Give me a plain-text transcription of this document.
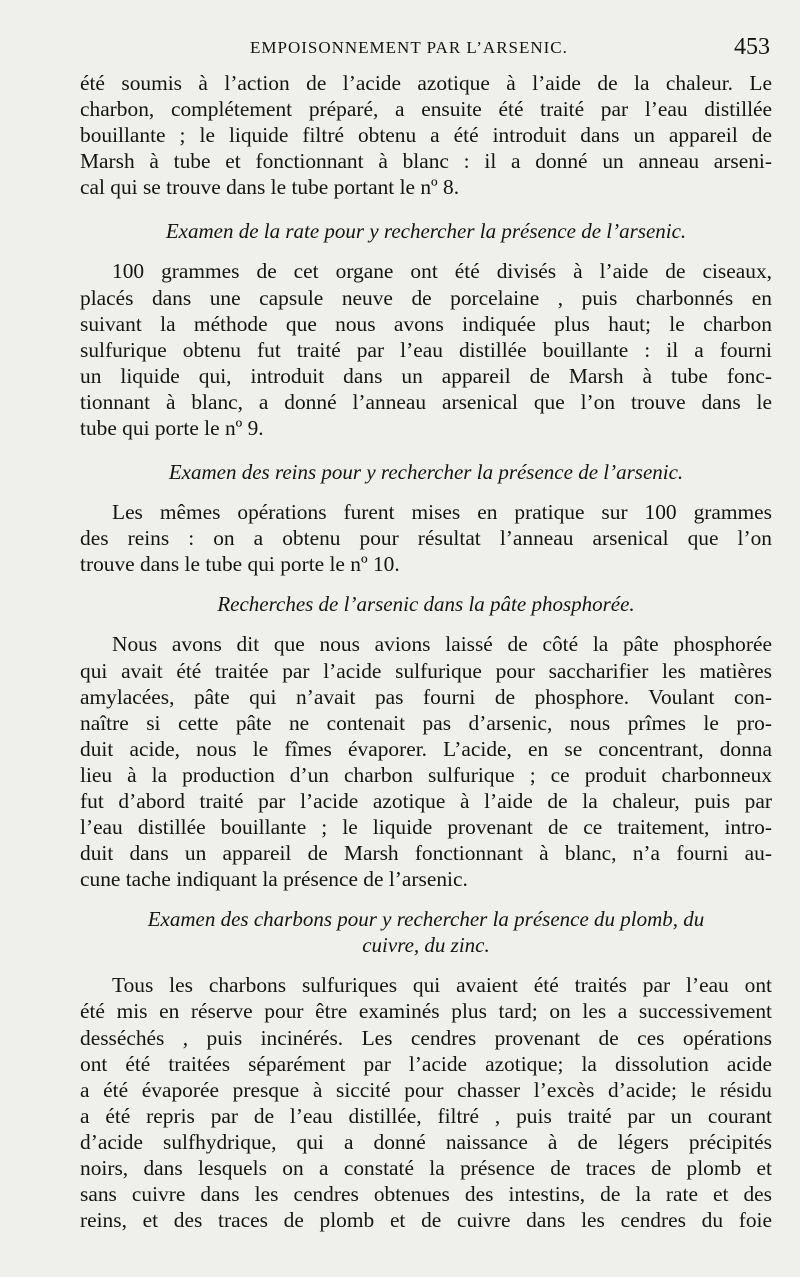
EMPOISONNEMENT PAR L’ARSENIC.	453

été soumis à l’action de l’acide azotique à l’aide de la chaleur. Le
charbon, complétement préparé, a ensuite été traité par l’eau distillée
bouillante ; le liquide filtré obtenu a été introduit dans un appareil de
Marsh à tube et fonctionnant à blanc : il a donné un anneau arseni-
cal qui se trouve dans le tube portant le nº 8.

Examen de la rate pour y rechercher la présence de l’arsenic.

100 grammes de cet organe ont été divisés à l’aide de ciseaux,
placés dans une capsule neuve de porcelaine , puis charbonnés en
suivant la méthode que nous avons indiquée plus haut; le charbon
sulfurique obtenu fut traité par l’eau distillée bouillante : il a fourni
un liquide qui, introduit dans un appareil de Marsh à tube fonc-
tionnant à blanc, a donné l’anneau arsenical que l’on trouve dans le
tube qui porte le nº 9.

Examen des reins pour y rechercher la présence de l’arsenic.

Les mêmes opérations furent mises en pratique sur 100 grammes
des reins : on a obtenu pour résultat l’anneau arsenical que l’on
trouve dans le tube qui porte le nº 10.

Recherches de l’arsenic dans la pâte phosphorée.

Nous avons dit que nous avions laissé de côté la pâte phosphorée
qui avait été traitée par l’acide sulfurique pour saccharifier les matières
amylacées, pâte qui n’avait pas fourni de phosphore. Voulant con-
naître si cette pâte ne contenait pas d’arsenic, nous prîmes le pro-
duit acide, nous le fîmes évaporer. L’acide, en se concentrant, donna
lieu à la production d’un charbon sulfurique ; ce produit charbonneux
fut d’abord traité par l’acide azotique à l’aide de la chaleur, puis par
l’eau distillée bouillante ; le liquide provenant de ce traitement, intro-
duit dans un appareil de Marsh fonctionnant à blanc, n’a fourni au-
cune tache indiquant la présence de l’arsenic.

Examen des charbons pour y rechercher la présence du plomb, du
cuivre, du zinc.

Tous les charbons sulfuriques qui avaient été traités par l’eau ont
été mis en réserve pour être examinés plus tard; on les a successivement
desséchés , puis incinérés. Les cendres provenant de ces opérations
ont été traitées séparément par l’acide azotique; la dissolution acide
a été évaporée presque à siccité pour chasser l’excès d’acide; le résidu
a été repris par de l’eau distillée, filtré , puis traité par un courant
d’acide sulfhydrique, qui a donné naissance à de légers précipités
noirs, dans lesquels on a constaté la présence de traces de plomb et
sans cuivre dans les cendres obtenues des intestins, de la rate et des
reins, et des traces de plomb et de cuivre dans les cendres du foie
